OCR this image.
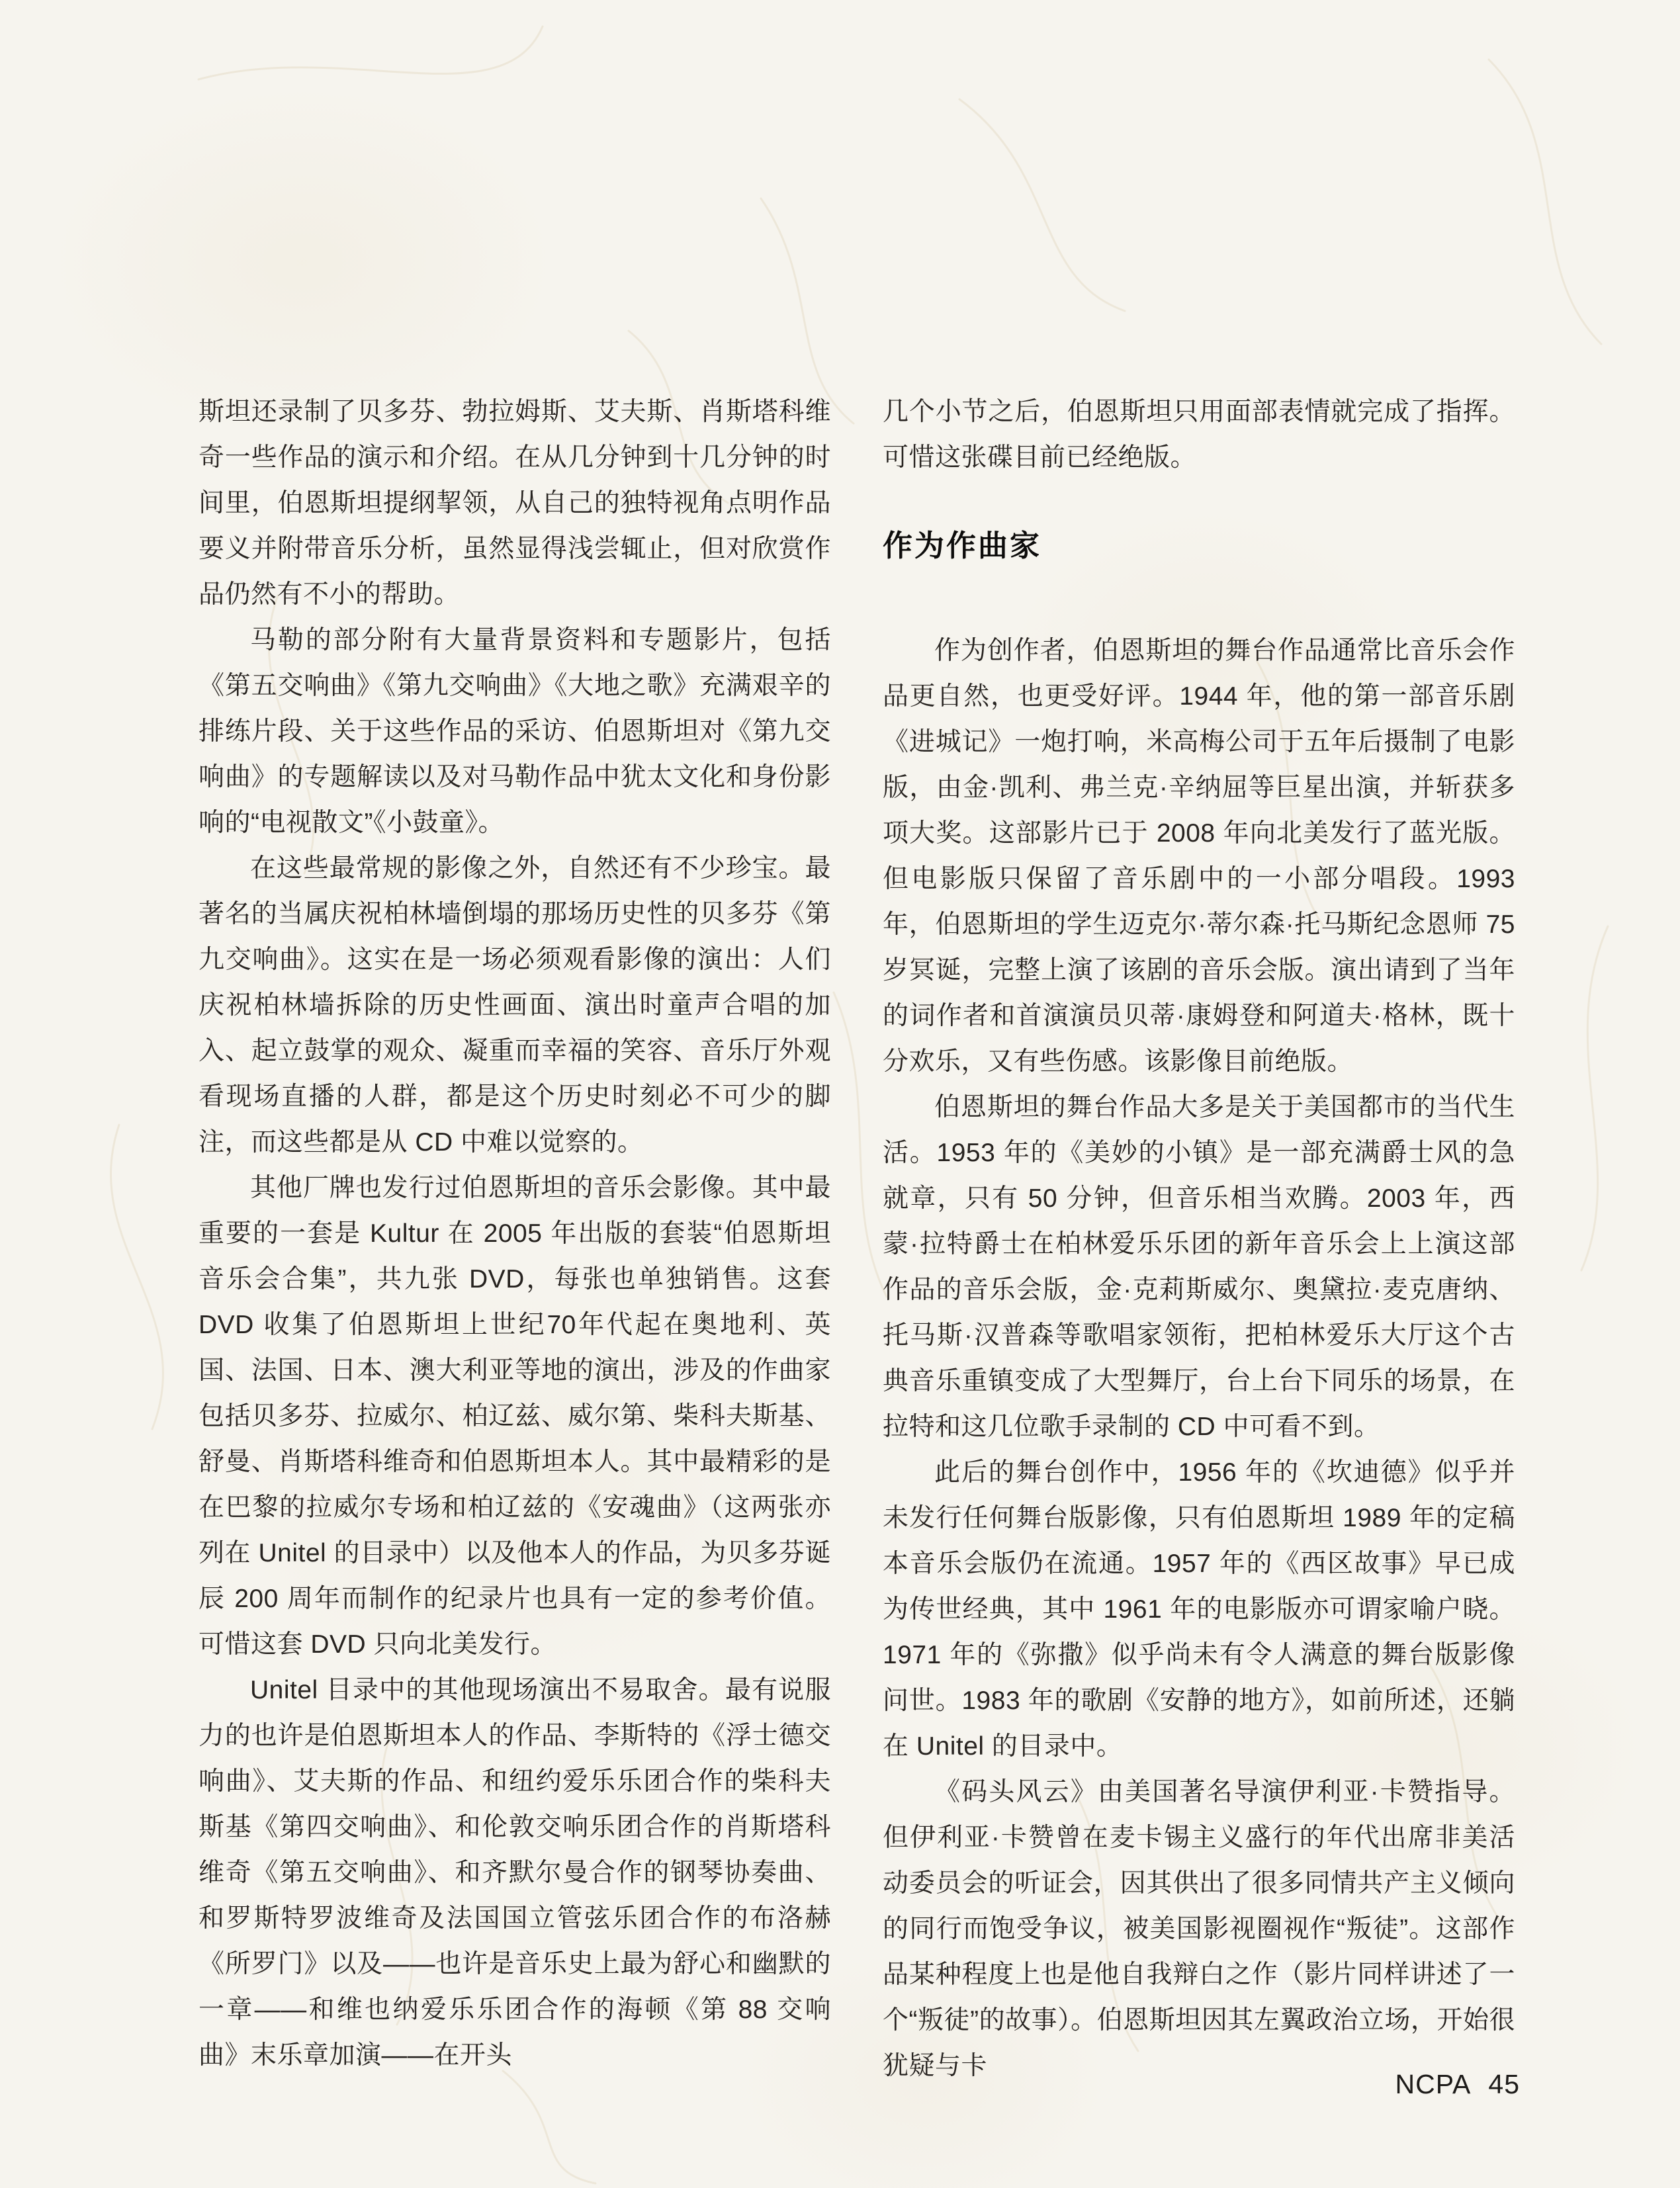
斯坦还录制了贝多芬、勃拉姆斯、艾夫斯、肖斯塔科维奇一些作品的演示和介绍。在从几分钟到十几分钟的时间里，伯恩斯坦提纲挈领，从自己的独特视角点明作品要义并附带音乐分析，虽然显得浅尝辄止，但对欣赏作品仍然有不小的帮助。

马勒的部分附有大量背景资料和专题影片，包括《第五交响曲》《第九交响曲》《大地之歌》充满艰辛的排练片段、关于这些作品的采访、伯恩斯坦对《第九交响曲》的专题解读以及对马勒作品中犹太文化和身份影响的“电视散文”《小鼓童》。

在这些最常规的影像之外，自然还有不少珍宝。最著名的当属庆祝柏林墙倒塌的那场历史性的贝多芬《第九交响曲》。这实在是一场必须观看影像的演出：人们庆祝柏林墙拆除的历史性画面、演出时童声合唱的加入、起立鼓掌的观众、凝重而幸福的笑容、音乐厅外观看现场直播的人群，都是这个历史时刻必不可少的脚注，而这些都是从 CD 中难以觉察的。

其他厂牌也发行过伯恩斯坦的音乐会影像。其中最重要的一套是 Kultur 在 2005 年出版的套装“伯恩斯坦音乐会合集”，共九张 DVD，每张也单独销售。这套 DVD 收集了伯恩斯坦上世纪70年代起在奥地利、英国、法国、日本、澳大利亚等地的演出，涉及的作曲家包括贝多芬、拉威尔、柏辽兹、威尔第、柴科夫斯基、舒曼、肖斯塔科维奇和伯恩斯坦本人。其中最精彩的是在巴黎的拉威尔专场和柏辽兹的《安魂曲》（这两张亦列在 Unitel 的目录中）以及他本人的作品，为贝多芬诞辰 200 周年而制作的纪录片也具有一定的参考价值。可惜这套 DVD 只向北美发行。

Unitel 目录中的其他现场演出不易取舍。最有说服力的也许是伯恩斯坦本人的作品、李斯特的《浮士德交响曲》、艾夫斯的作品、和纽约爱乐乐团合作的柴科夫斯基《第四交响曲》、和伦敦交响乐团合作的肖斯塔科维奇《第五交响曲》、和齐默尔曼合作的钢琴协奏曲、和罗斯特罗波维奇及法国国立管弦乐团合作的布洛赫《所罗门》以及——也许是音乐史上最为舒心和幽默的一章——和维也纳爱乐乐团合作的海顿《第 88 交响曲》末乐章加演——在开头

几个小节之后，伯恩斯坦只用面部表情就完成了指挥。可惜这张碟目前已经绝版。

作为作曲家

作为创作者，伯恩斯坦的舞台作品通常比音乐会作品更自然，也更受好评。1944 年，他的第一部音乐剧《进城记》一炮打响，米高梅公司于五年后摄制了电影版，由金·凯利、弗兰克·辛纳屈等巨星出演，并斩获多项大奖。这部影片已于 2008 年向北美发行了蓝光版。但电影版只保留了音乐剧中的一小部分唱段。1993 年，伯恩斯坦的学生迈克尔·蒂尔森·托马斯纪念恩师 75 岁冥诞，完整上演了该剧的音乐会版。演出请到了当年的词作者和首演演员贝蒂·康姆登和阿道夫·格林，既十分欢乐，又有些伤感。该影像目前绝版。

伯恩斯坦的舞台作品大多是关于美国都市的当代生活。1953 年的《美妙的小镇》是一部充满爵士风的急就章，只有 50 分钟，但音乐相当欢腾。2003 年，西蒙·拉特爵士在柏林爱乐乐团的新年音乐会上上演这部作品的音乐会版，金·克莉斯威尔、奥黛拉·麦克唐纳、托马斯·汉普森等歌唱家领衔，把柏林爱乐大厅这个古典音乐重镇变成了大型舞厅，台上台下同乐的场景，在拉特和这几位歌手录制的 CD 中可看不到。

此后的舞台创作中，1956 年的《坎迪德》似乎并未发行任何舞台版影像，只有伯恩斯坦 1989 年的定稿本音乐会版仍在流通。1957 年的《西区故事》早已成为传世经典，其中 1961 年的电影版亦可谓家喻户晓。1971 年的《弥撒》似乎尚未有令人满意的舞台版影像问世。1983 年的歌剧《安静的地方》，如前所述，还躺在 Unitel 的目录中。

《码头风云》由美国著名导演伊利亚·卡赞指导。但伊利亚·卡赞曾在麦卡锡主义盛行的年代出席非美活动委员会的听证会，因其供出了很多同情共产主义倾向的同行而饱受争议，被美国影视圈视作“叛徒”。这部作品某种程度上也是他自我辩白之作（影片同样讲述了一个“叛徒”的故事）。伯恩斯坦因其左翼政治立场，开始很犹疑与卡

NCPA 45
